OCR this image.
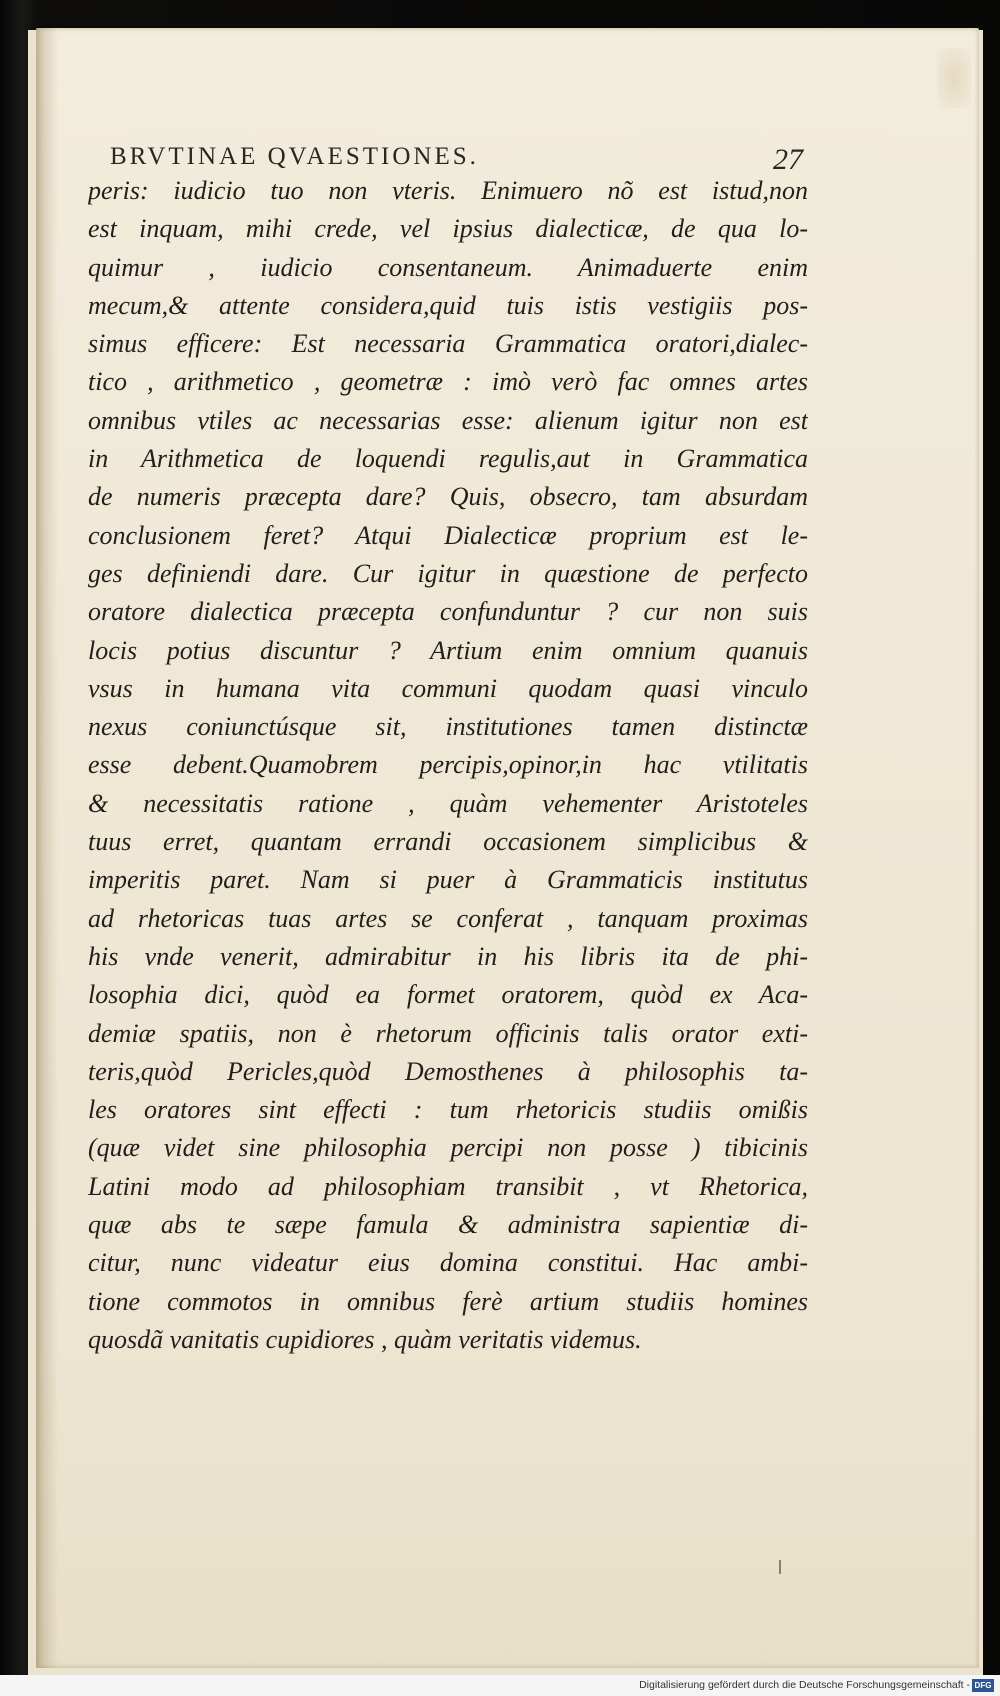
BRVTINAE QVAESTIONES.	27
peris: iudicio tuo non vteris. Enimuero nõ est istud,non
est inquam, mihi crede, vel ipsius dialecticæ, de qua lo-
quimur , iudicio consentaneum. Animaduerte enim
mecum,& attente considera,quid tuis istis vestigiis pos-
simus efficere: Est necessaria Grammatica oratori,dialec-
tico , arithmetico , geometræ : imò verò fac omnes artes
omnibus vtiles ac necessarias esse: alienum igitur non est
in Arithmetica de loquendi regulis,aut in Grammatica
de numeris præcepta dare? Quis, obsecro, tam absurdam
conclusionem feret? Atqui Dialecticæ proprium est le-
ges definiendi dare. Cur igitur in quæstione de perfecto
oratore dialectica præcepta confunduntur ? cur non suis
locis potius discuntur ? Artium enim omnium quanuis
vsus in humana vita communi quodam quasi vinculo
nexus coniunctúsque sit, institutiones tamen distinctæ
esse debent.Quamobrem percipis,opinor,in hac vtilitatis
& necessitatis ratione , quàm vehementer Aristoteles
tuus erret, quantam errandi occasionem simplicibus &
imperitis paret. Nam si puer à Grammaticis institutus
ad rhetoricas tuas artes se conferat , tanquam proximas
his vnde venerit, admirabitur in his libris ita de phi-
losophia dici, quòd ea formet oratorem, quòd ex Aca-
demiæ spatiis, non è rhetorum officinis talis orator exti-
teris,quòd Pericles,quòd Demosthenes à philosophis ta-
les oratores sint effecti : tum rhetoricis studiis omißis
(quæ videt sine philosophia percipi non posse ) tibicinis
Latini modo ad philosophiam transibit , vt Rhetorica,
quæ abs te sæpe famula & administra sapientiæ di-
citur, nunc videatur eius domina constitui. Hac ambi-
tione commotos in omnibus ferè artium studiis homines
quosdã vanitatis cupidiores , quàm veritatis videmus.
Digitalisierung gefördert durch die Deutsche Forschungsgemeinschaft - DFG
